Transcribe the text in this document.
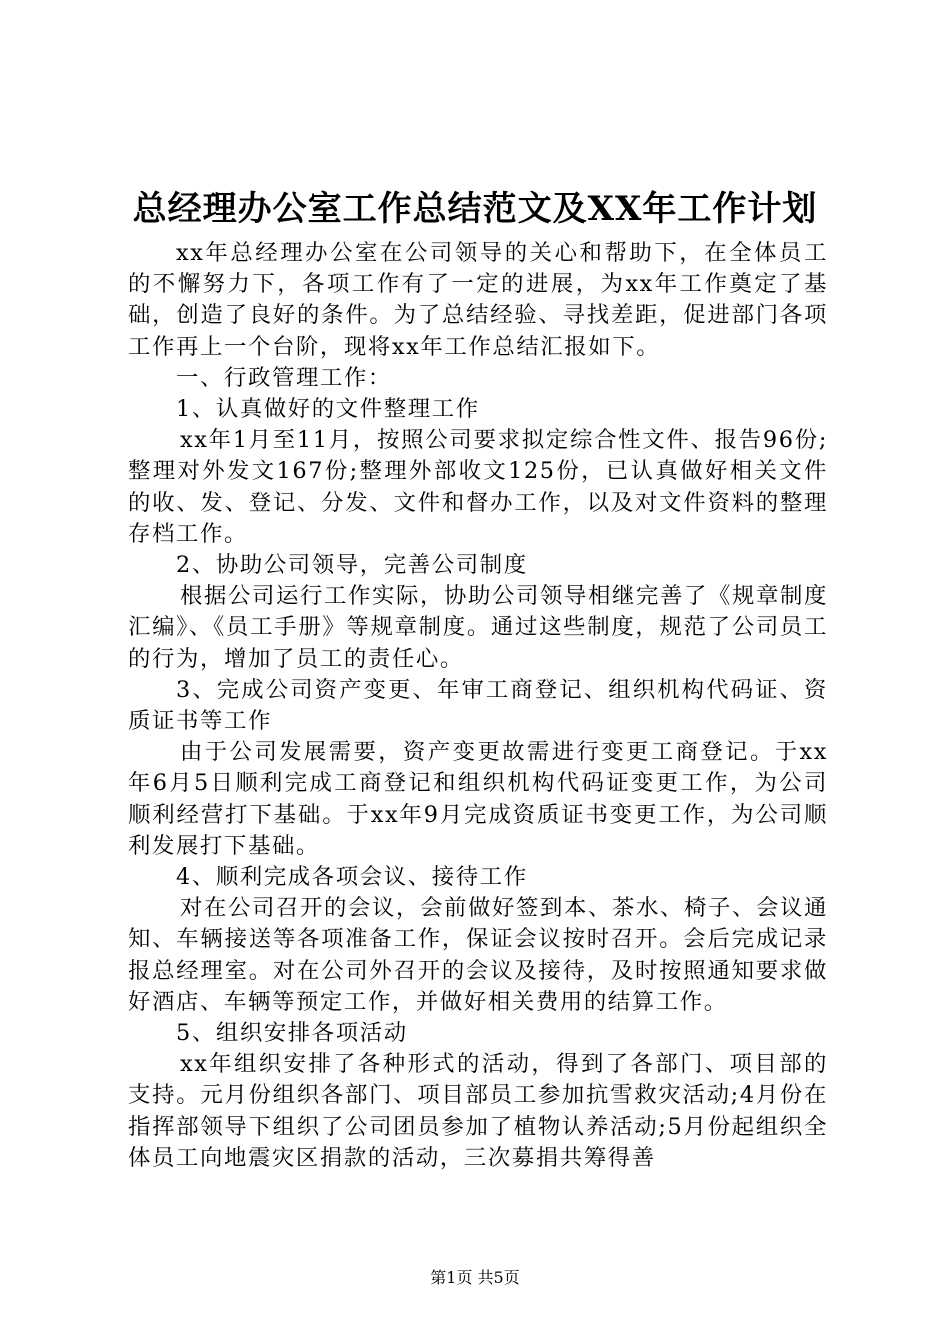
总经理办公室工作总结范文及XX年工作计划

xx年总经理办公室在公司领导的关心和帮助下，在全体员工的不懈努力下，各项工作有了一定的进展，为xx年工作奠定了基础，创造了良好的条件。为了总结经验、寻找差距，促进部门各项工作再上一个台阶，现将xx年工作总结汇报如下。

一、行政管理工作：

1、认真做好的文件整理工作

xx年1月至11月，按照公司要求拟定综合性文件、报告96份;整理对外发文167份;整理外部收文125份，已认真做好相关文件的收、发、登记、分发、文件和督办工作，以及对文件资料的整理存档工作。

2、协助公司领导，完善公司制度

根据公司运行工作实际，协助公司领导相继完善了《规章制度汇编》、《员工手册》等规章制度。通过这些制度，规范了公司员工的行为，增加了员工的责任心。

3、完成公司资产变更、年审工商登记、组织机构代码证、资质证书等工作

由于公司发展需要，资产变更故需进行变更工商登记。于xx年6月5日顺利完成工商登记和组织机构代码证变更工作，为公司顺利经营打下基础。于xx年9月完成资质证书变更工作，为公司顺利发展打下基础。

4、顺利完成各项会议、接待工作

对在公司召开的会议，会前做好签到本、茶水、椅子、会议通知、车辆接送等各项准备工作，保证会议按时召开。会后完成记录报总经理室。对在公司外召开的会议及接待，及时按照通知要求做好酒店、车辆等预定工作，并做好相关费用的结算工作。

5、组织安排各项活动

xx年组织安排了各种形式的活动，得到了各部门、项目部的支持。元月份组织各部门、项目部员工参加抗雪救灾活动;4月份在指挥部领导下组织了公司团员参加了植物认养活动;5月份起组织全体员工向地震灾区捐款的活动，三次募捐共筹得善

第1页 共5页
